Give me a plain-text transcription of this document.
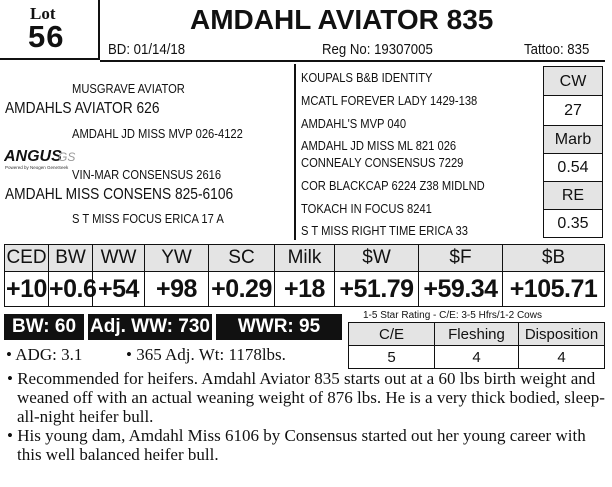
Lot
56	AMDAHL AVIATOR 835
BD: 01/14/18	Reg No: 19307005	Tattoo: 835
MUSGRAVE AVIATOR
AMDAHLS AVIATOR 626
AMDAHL JD MISS MVP 026-4122
ANGUS
GS
Powered by Neogen GeneSeek VIN-MAR CONSENSUS 2616
AMDAHL MISS CONSENS 825-6106
S T MISS FOCUS ERICA 17 A
KOUPALS B&B IDENTITY
MCATL FOREVER LADY 1429-138
AMDAHL'S MVP 040
AMDAHL JD MISS ML 821 026
CONNEALY CONSENSUS 7229
COR BLACKCAP 6224 Z38 MIDLND
TOKACH IN FOCUS 8241
S T MISS RIGHT TIME ERICA 33
CW
27
Marb
0.54
RE
0.35
CED	BW	WW	YW	SC	Milk	$W	$F	$B
+10	+0.6	+54	+98	+0.29	+18	+51.79	+59.34	+105.71
BW: 60 Adj. WW: 730	WWR: 95
1-5 Star Rating - C/E: 3-5 Hfrs/1-2 Cows
C/E	Fleshing	Disposition
5	4	4
• ADG: 3.1	• 365 Adj. Wt: 1178lbs.

• Recommended for heifers. Amdahl Aviator 835 starts out at a 60 lbs birth weight and weaned off with an actual weaning weight of 876 lbs. He is a very thick bodied, sleep-all-night heifer bull.

• His young dam, Amdahl Miss 6106 by Consensus started out her young career with this well balanced heifer bull.
